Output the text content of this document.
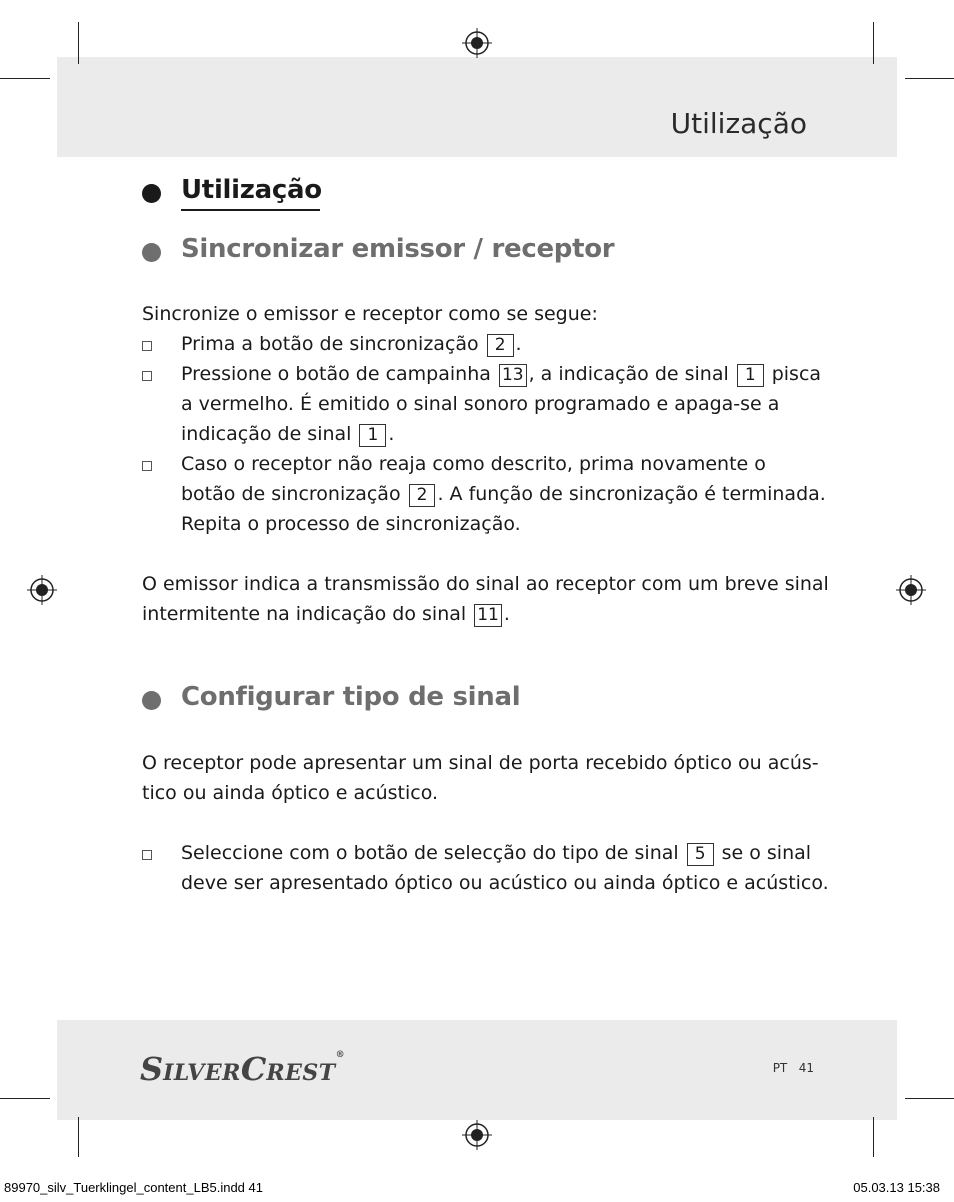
Utilização
Utilização
Sincronizar emissor / receptor
Sincronize o emissor e receptor como se segue:
Prima a botão de sincronização 2 .
Pressione o botão de campainha 13 , a indicação de sinal 1 pisca
a vermelho. É emitido o sinal sonoro programado e apaga-se a
indicação de sinal 1 .
Caso o receptor não reaja como descrito, prima novamente o
botão de sincronização 2 . A função de sincronização é terminada.
Repita o processo de sincronização.
O emissor indica a transmissão do sinal ao receptor com um breve sinal
intermitente na indicação do sinal 11 .
Configurar tipo de sinal
O receptor pode apresentar um sinal de porta recebido óptico ou acús-
tico ou ainda óptico e acústico.
Seleccione com o botão de selecção do tipo de sinal 5 se o sinal
deve ser apresentado óptico ou acústico ou ainda óptico e acústico.
SILVERCREST®
PT 41
89970_silv_Tuerklingel_content_LB5.indd 41	05.03.13 15:38
